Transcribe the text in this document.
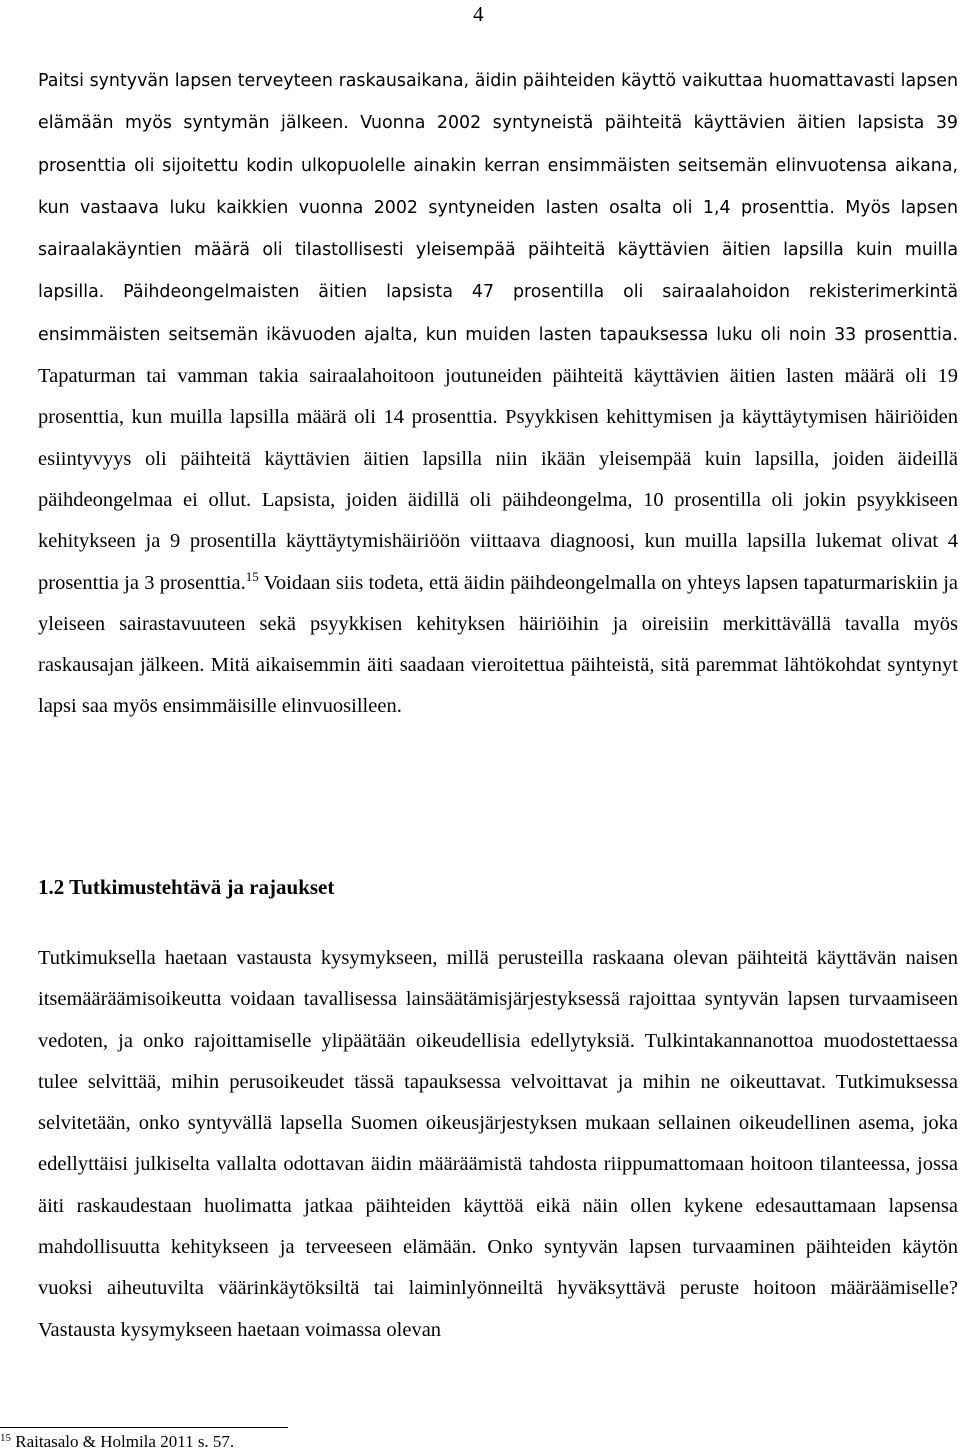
4

Paitsi syntyvän lapsen terveyteen raskausaikana, äidin päihteiden käyttö vaikuttaa huomattavasti lapsen elämään myös syntymän jälkeen. Vuonna 2002 syntyneistä päihteitä käyttävien äitien lapsista 39 prosenttia oli sijoitettu kodin ulkopuolelle ainakin kerran ensimmäisten seitsemän elinvuotensa aikana, kun vastaava luku kaikkien vuonna 2002 syntyneiden lasten osalta oli 1,4 prosenttia. Myös lapsen sairaalakäyntien määrä oli tilastollisesti yleisempää päihteitä käyttävien äitien lapsilla kuin muilla lapsilla. Päihdeongelmaisten äitien lapsista 47 prosentilla oli sairaalahoidon rekisterimerkintä ensimmäisten seitsemän ikävuoden ajalta, kun muiden lasten tapauksessa luku oli noin 33 prosenttia. Tapaturman tai vamman takia sairaalahoitoon joutuneiden päihteitä käyttävien äitien lasten määrä oli 19 prosenttia, kun muilla lapsilla määrä oli 14 prosenttia. Psyykkisen kehittymisen ja käyttäytymisen häiriöiden esiintyvyys oli päihteitä käyttävien äitien lapsilla niin ikään yleisempää kuin lapsilla, joiden äideillä päihdeongelmaa ei ollut. Lapsista, joiden äidillä oli päihdeongelma, 10 prosentilla oli jokin psyykkiseen kehitykseen ja 9 prosentilla käyttäytymishäiriöön viittaava diagnoosi, kun muilla lapsilla lukemat olivat 4 prosenttia ja 3 prosenttia.$^{15}$ Voidaan siis todeta, että äidin päihdeongelmalla on yhteys lapsen tapaturmariskiin ja yleiseen sairastavuuteen sekä psyykkisen kehityksen häiriöihin ja oireisiin merkittävällä tavalla myös raskausajan jälkeen. Mitä aikaisemmin äiti saadaan vieroitettua päihteistä, sitä paremmat lähtökohdat syntynyt lapsi saa myös ensimmäisille elinvuosilleen.

1.2 Tutkimustehtävä ja rajaukset

Tutkimuksella haetaan vastausta kysymykseen, millä perusteilla raskaana olevan päihteitä käyttävän naisen itsemääräämisoikeutta voidaan tavallisessa lainsäätämisjärjestyksessä rajoittaa syntyvän lapsen turvaamiseen vedoten, ja onko rajoittamiselle ylipäätään oikeudellisia edellytyksiä. Tulkintakannanottoa muodostettaessa tulee selvittää, mihin perusoikeudet tässä tapauksessa velvoittavat ja mihin ne oikeuttavat. Tutkimuksessa selvitetään, onko syntyvällä lapsella Suomen oikeusjärjestyksen mukaan sellainen oikeudellinen asema, joka edellyttäisi julkiselta vallalta odottavan äidin määräämistä tahdosta riippumattomaan hoitoon tilanteessa, jossa äiti raskaudestaan huolimatta jatkaa päihteiden käyttöä eikä näin ollen kykene edesauttamaan lapsensa mahdollisuutta kehitykseen ja terveeseen elämään. Onko syntyvän lapsen turvaaminen päihteiden käytön vuoksi aiheutuvilta väärinkäytöksiltä tai laiminlyönneiltä hyväksyttävä peruste hoitoon määräämiselle? Vastausta kysymykseen haetaan voimassa olevan

$^{15}$ Raitasalo & Holmila 2011 s. 57.
